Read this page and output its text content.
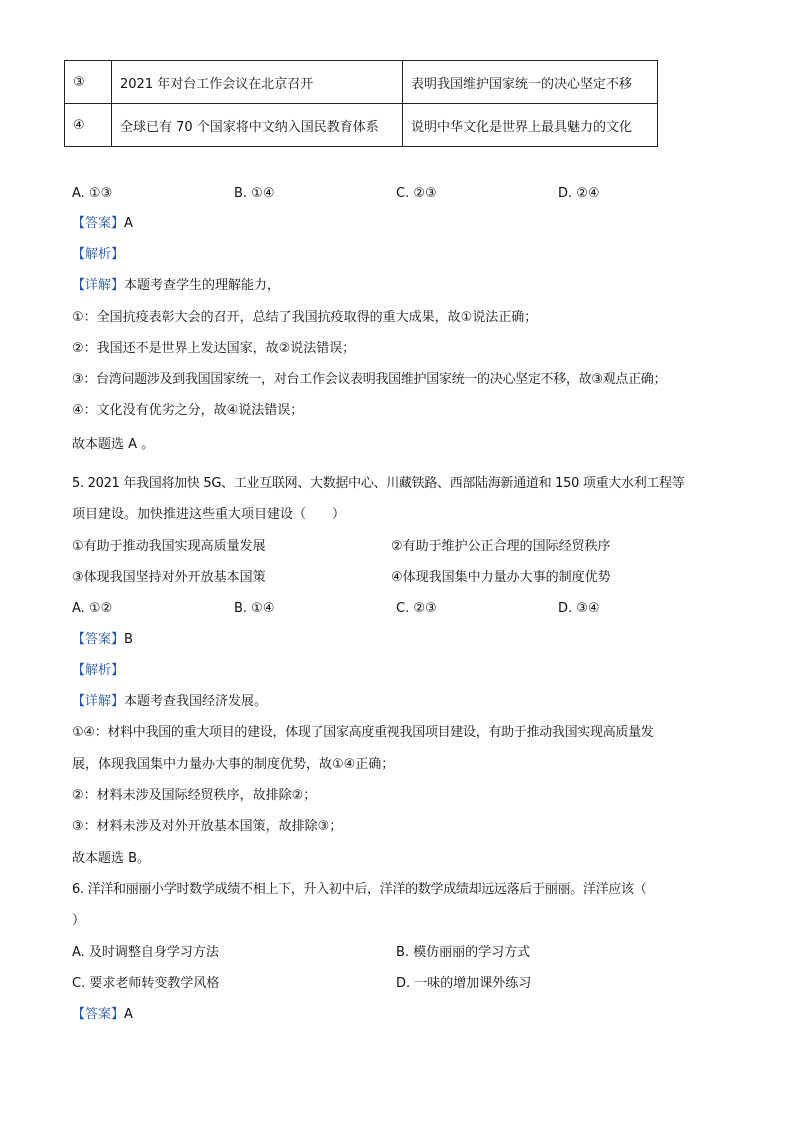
③	2021 年对台工作会议在北京召开	表明我国维护国家统一的决心坚定不移
④	全球已有 70 个国家将中文纳入国民教育体系	说明中华文化是世界上最具魅力的文化
A. ①③	B. ①④	C. ②③	D. ②④
【答案】A
【解析】
【详解】本题考查学生的理解能力，
①：全国抗疫表彰大会的召开，总结了我国抗疫取得的重大成果，故①说法正确；
②：我国还不是世界上发达国家，故②说法错误；
③：台湾问题涉及到我国国家统一，对台工作会议表明我国维护国家统一的决心坚定不移，故③观点正确；
④：文化没有优劣之分，故④说法错误；
故本题选 A 。
5. 2021 年我国将加快 5G、工业互联网、大数据中心、川藏铁路、西部陆海新通道和 150 项重大水利工程等
项目建设。加快推进这些重大项目建设（　　）
①有助于推动我国实现高质量发展	②有助于维护公正合理的国际经贸秩序
③体现我国坚持对外开放基本国策	④体现我国集中力量办大事的制度优势
A. ①②	B. ①④	C. ②③	D. ③④
【答案】B
【解析】
【详解】本题考查我国经济发展。
①④：材料中我国的重大项目的建设，体现了国家高度重视我国项目建设，有助于推动我国实现高质量发
展，体现我国集中力量办大事的制度优势，故①④正确；
②：材料未涉及国际经贸秩序，故排除②；
③：材料未涉及对外开放基本国策，故排除③；
故本题选 B。
6. 洋洋和丽丽小学时数学成绩不相上下，升入初中后，洋洋的数学成绩却远远落后于丽丽。洋洋应该（
）
A. 及时调整自身学习方法	B. 模仿丽丽的学习方式
C. 要求老师转变教学风格	D. 一味的增加课外练习
【答案】A
